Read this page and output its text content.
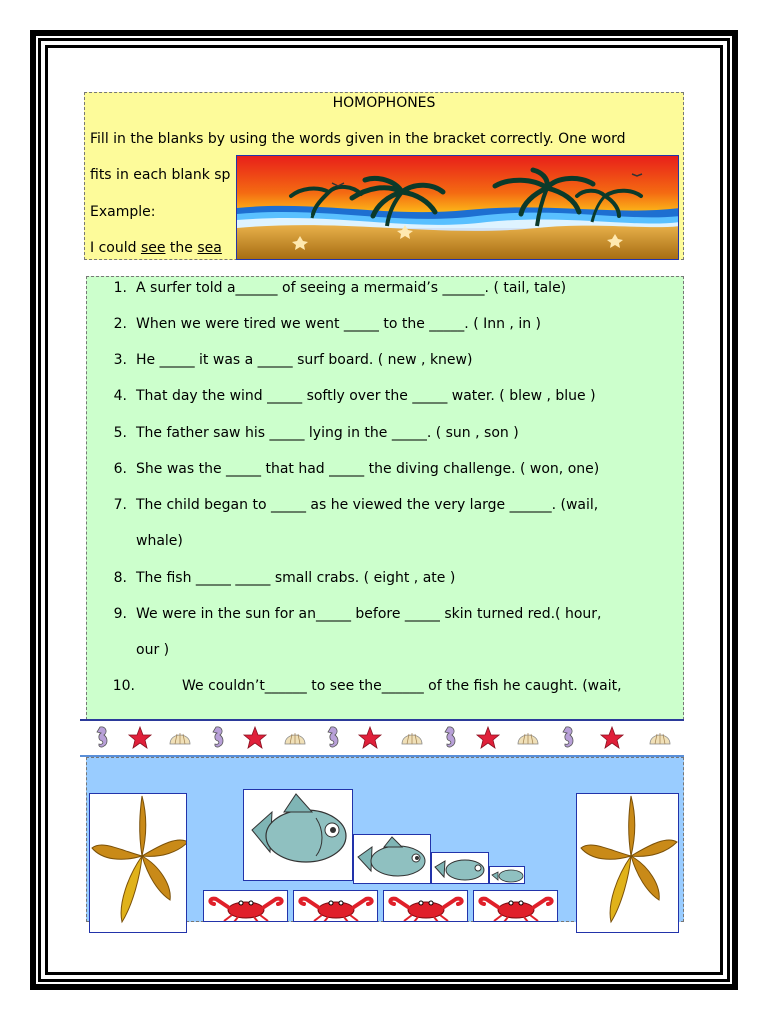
HOMOPHONES
Fill in the blanks by using the words given in the bracket correctly. One word
fits in each blank sp
Example:
I could see the sea
1. A surfer told a______ of seeing a mermaid’s ______. ( tail, tale)
2. When we were tired we went _____ to the _____. ( Inn , in )
3. He _____ it was a _____ surf board. ( new , knew)
4. That day the wind _____ softly over the _____ water. ( blew , blue )
5. The father saw his _____ lying in the _____. ( sun , son )
6. She was the _____ that had _____ the diving challenge. ( won, one)
7. The child began to _____ as he viewed the very large ______. (wail,
whale)
8. The fish _____ _____ small crabs. ( eight , ate )
9. We were in the sun for an_____ before _____ skin turned red.( hour,
our )
10.	We couldn’t______ to see the______ of the fish he caught. (wait,
